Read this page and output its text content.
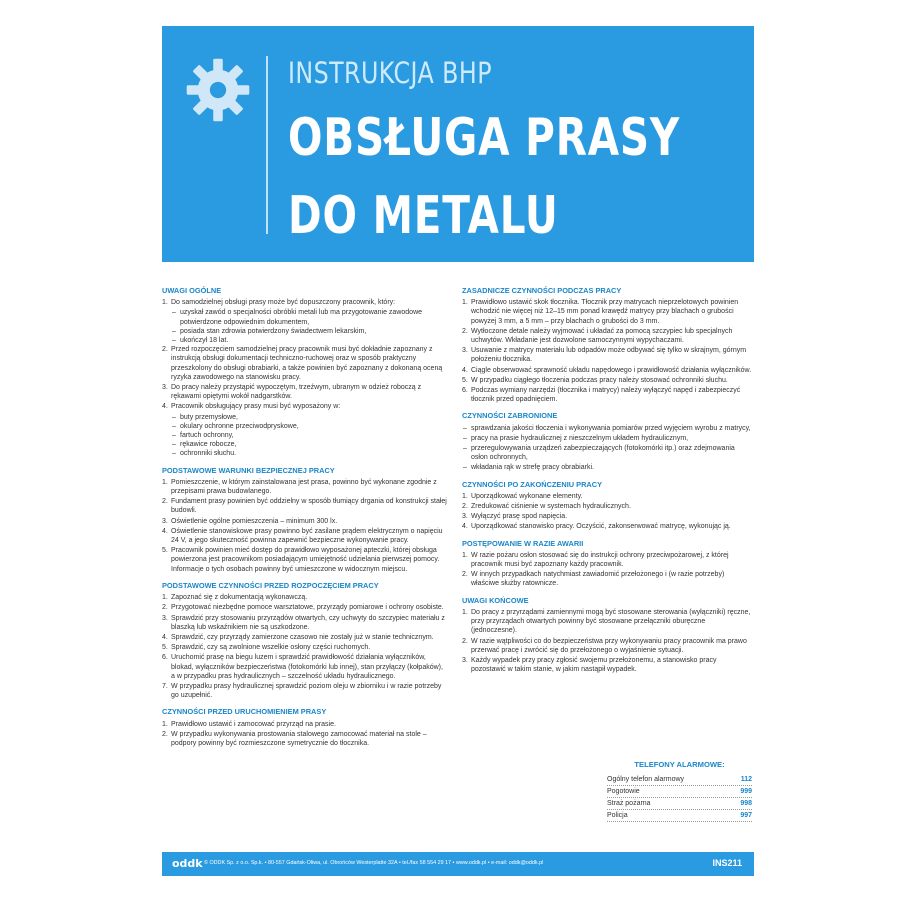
INSTRUKCJA BHP
OBSŁUGA PRASY
DO METALU
UWAGI OGÓLNE
1. Do samodzielnej obsługi prasy może być dopuszczony pracownik, który:
– uzyskał zawód o specjalności obróbki metali lub ma przygotowanie zawodowe potwierdzone odpowiednim dokumentem,
– posiada stan zdrowia potwierdzony świadectwem lekarskim,
– ukończył 18 lat.
2. Przed rozpoczęciem samodzielnej pracy pracownik musi być dokładnie zapoznany z instrukcją obsługi dokumentacji techniczno-ruchowej oraz w sposób praktyczny przeszkolony do obsługi obrabiarki, a także powinien być zapoznany z dokonaną oceną ryzyka zawodowego na stanowisku pracy.
3. Do pracy należy przystąpić wypoczętym, trzeźwym, ubranym w odzież roboczą z rękawami opiętymi wokół nadgarstków.
4. Pracownik obsługujący prasy musi być wyposażony w:
– buty przemysłowe,
– okulary ochronne przeciwodpryskowe,
– fartuch ochronny,
– rękawice robocze,
– ochronniki słuchu.
PODSTAWOWE WARUNKI BEZPIECZNEJ PRACY
1. Pomieszczenie, w którym zainstalowana jest prasa, powinno być wykonane zgodnie z przepisami prawa budowlanego.
2. Fundament prasy powinien być oddzielny w sposób tłumiący drgania od konstrukcji stałej budowli.
3. Oświetlenie ogólne pomieszczenia – minimum 300 lx.
4. Oświetlenie stanowiskowe prasy powinno być zasilane prądem elektrycznym o napięciu 24 V, a jego skuteczność powinna zapewnić bezpieczne wykonywanie pracy.
5. Pracownik powinien mieć dostęp do prawidłowo wyposażonej apteczki, której obsługa powierzona jest pracownikom posiadającym umiejętność udzielania pierwszej pomocy. Informacje o tych osobach powinny być umieszczone w widocznym miejscu.
PODSTAWOWE CZYNNOŚCI PRZED ROZPOCZĘCIEM PRACY
1. Zapoznać się z dokumentacją wykonawczą.
2. Przygotować niezbędne pomoce warsztatowe, przyrządy pomiarowe i ochrony osobiste.
3. Sprawdzić przy stosowaniu przyrządów otwartych, czy uchwyty do szczypiec materiału z blaszką lub wskaźnikiem nie są uszkodzone.
4. Sprawdzić, czy przyrządy zamierzone czasowo nie zostały już w stanie technicznym.
5. Sprawdzić, czy są zwolnione wszelkie osłony części ruchomych.
6. Uruchomić prasę na biegu luzem i sprawdzić prawidłowość działania wyłączników, blokad, wyłączników bezpieczeństwa (fotokomórki lub innej), stan przyłączy (kołpaków), a w przypadku pras hydraulicznych – szczelność układu hydraulicznego.
7. W przypadku prasy hydraulicznej sprawdzić poziom oleju w zbiorniku i w razie potrzeby go uzupełnić.
CZYNNOŚCI PRZED URUCHOMIENIEM PRASY
1. Prawidłowo ustawić i zamocować przyrząd na prasie.
2. W przypadku wykonywania prostowania stalowego zamocować materiał na stole – podpory powinny być rozmieszczone symetrycznie do tłocznika.
ZASADNICZE CZYNNOŚCI PODCZAS PRACY
1. Prawidłowo ustawić skok tłocznika. Tłocznik przy matrycach nieprzelotowych powinien wchodzić nie więcej niż 12–15 mm ponad krawędź matrycy przy blachach o grubości powyżej 3 mm, a 5 mm – przy blachach o grubości do 3 mm.
2. Wytłoczone detale należy wyjmować i układać za pomocą szczypiec lub specjalnych uchwytów. Wkładanie jest dozwolone samoczynnymi wypychaczami.
3. Usuwanie z matrycy materiału lub odpadów może odbywać się tylko w skrajnym, górnym położeniu tłocznika.
4. Ciągle obserwować sprawność układu napędowego i prawidłowość działania wyłączników.
5. W przypadku ciągłego tłoczenia podczas pracy należy stosować ochronniki słuchu.
6. Podczas wymiany narzędzi (tłocznika i matrycy) należy wyłączyć napęd i zabezpieczyć tłocznik przed opadnięciem.
CZYNNOŚCI ZABRONIONE
– sprawdzania jakości tłoczenia i wykonywania pomiarów przed wyjęciem wyrobu z matrycy,
– pracy na prasie hydraulicznej z nieszczelnym układem hydraulicznym,
– przeregulowywania urządzeń zabezpieczających (fotokomórki itp.) oraz zdejmowania osłon ochronnych,
– wkładania rąk w strefę pracy obrabiarki.
CZYNNOŚCI PO ZAKOŃCZENIU PRACY
1. Uporządkować wykonane elementy.
2. Zredukować ciśnienie w systemach hydraulicznych.
3. Wyłączyć prasę spod napięcia.
4. Uporządkować stanowisko pracy. Oczyścić, zakonserwować matrycę, wykonując ją.
POSTĘPOWANIE W RAZIE AWARII
1. W razie pożaru osłon stosować się do instrukcji ochrony przeciwpożarowej, z której pracownik musi być zapoznany każdy pracownik.
2. W innych przypadkach natychmiast zawiadomić przełożonego i (w razie potrzeby) właściwe służby ratownicze.
UWAGI KOŃCOWE
1. Do pracy z przyrządami zamiennymi mogą być stosowane sterowania (wyłączniki) ręczne, przy przyrządach otwartych powinny być stosowane przełączniki oburęczne (jednoczesne).
2. W razie wątpliwości co do bezpieczeństwa przy wykonywaniu pracy pracownik ma prawo przerwać pracę i zwrócić się do przełożonego o wyjaśnienie sytuacji.
3. Każdy wypadek przy pracy zgłosić swojemu przełożonemu, a stanowisko pracy pozostawić w takim stanie, w jakim nastąpił wypadek.
TELEFONY ALARMOWE:
Ogólny telefon alarmowy	112
Pogotowie	999
Straż pożarna	998
Policja	997
oddk © ODDK Sp. z o.o. Sp.k. • 80-557 Gdańsk-Oliwa, ul. Obrońców Westerplatte 32A • tel./fax 58 554 29 17 • www.oddk.pl • e-mail: oddk@oddk.pl	INS211
